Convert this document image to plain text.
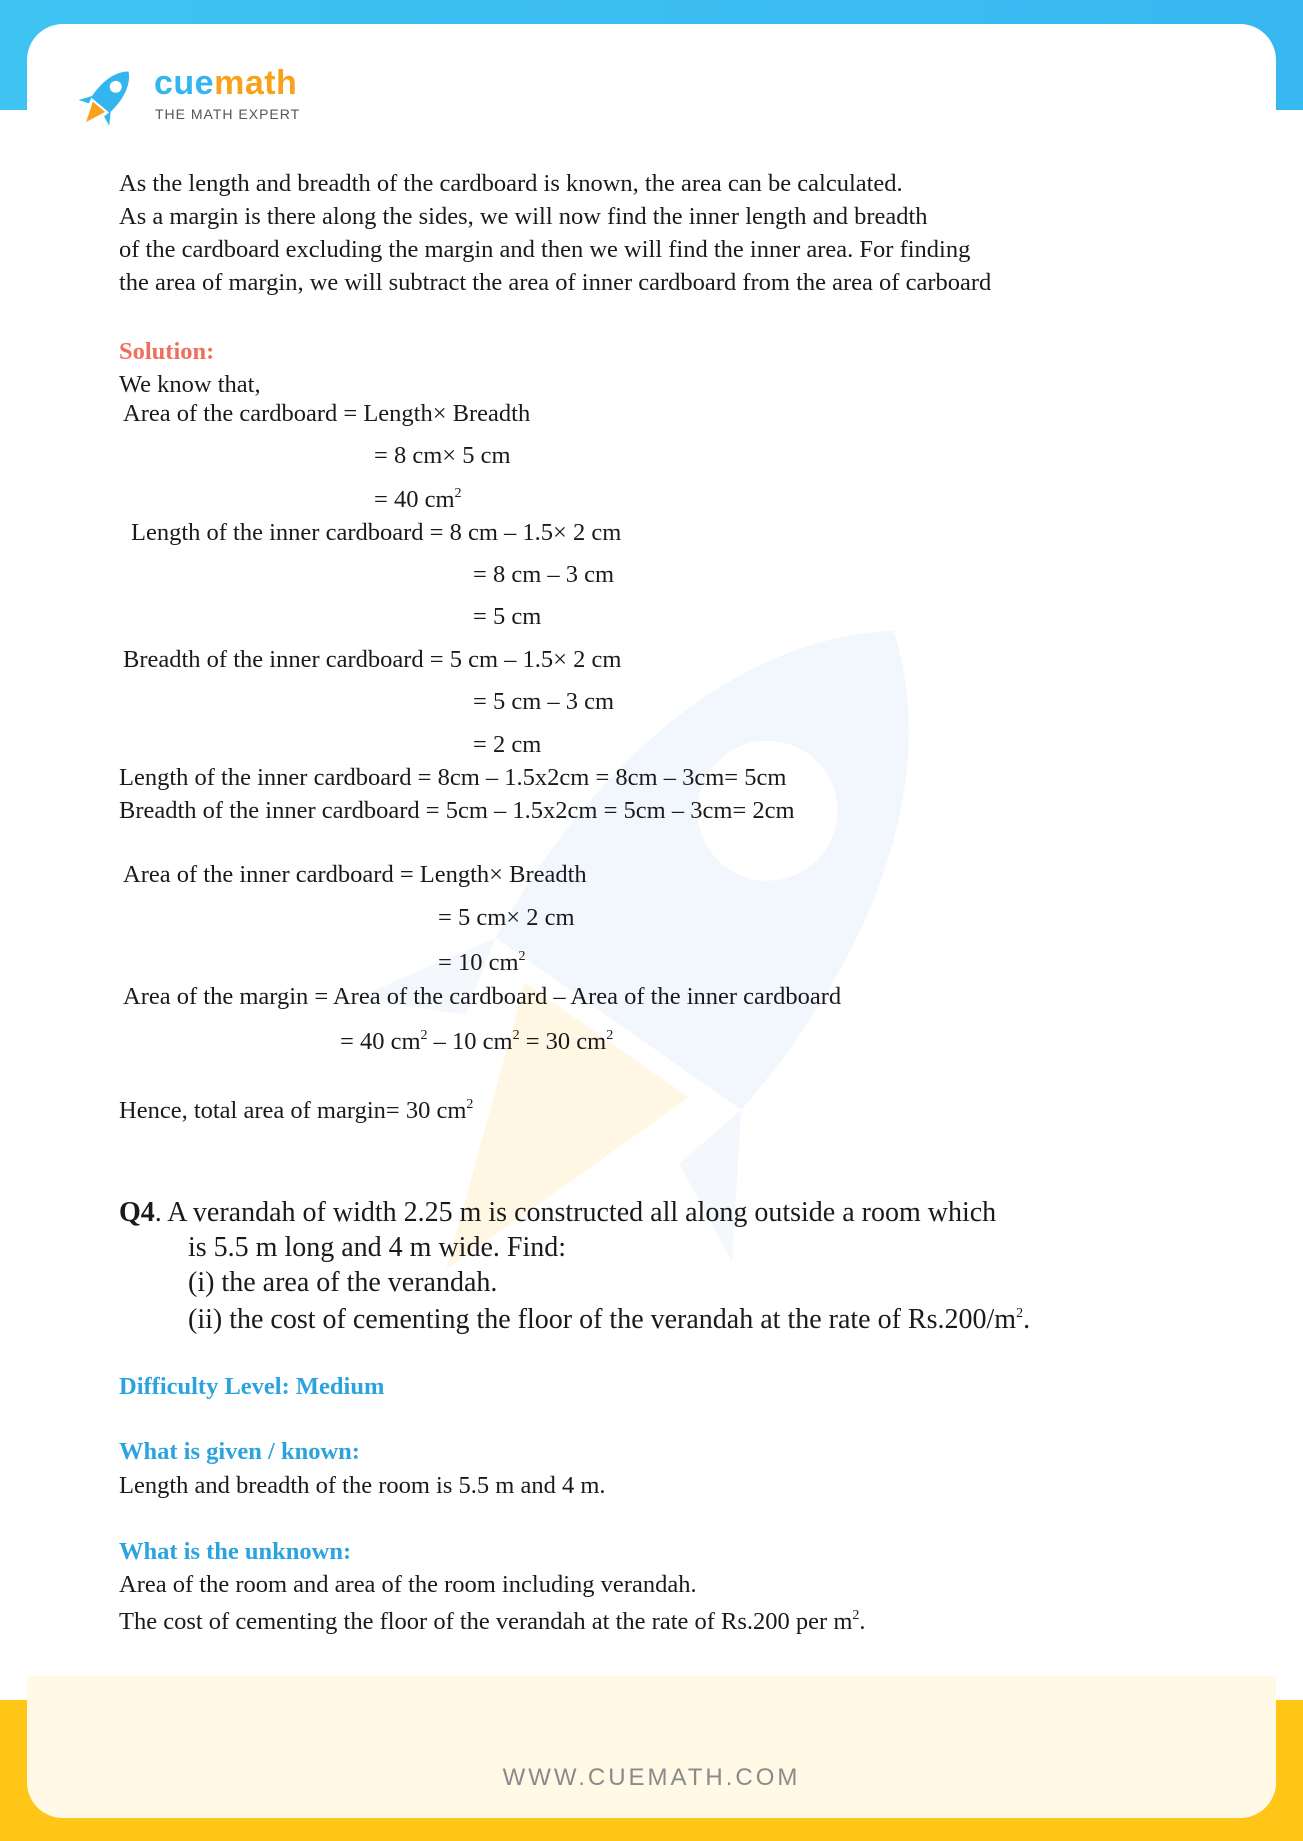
cuemath
THE MATH EXPERT
As the length and breadth of the cardboard is known, the area can be calculated.
As a margin is there along the sides, we will now find the inner length and breadth
of the cardboard excluding the margin and then we will find the inner area. For finding
the area of margin, we will subtract the area of inner cardboard from the area of carboard
Solution:
We know that,
Area of the cardboard = Length× Breadth
= 8 cm× 5 cm
= 40 $cm^2$
Length of the inner cardboard = 8 cm – 1.5× 2 cm
= 8 cm – 3 cm
= 5 cm
Breadth of the inner cardboard = 5 cm – 1.5× 2 cm
= 5 cm – 3 cm
= 2 cm
Length of the inner cardboard = 8cm – 1.5x2cm = 8cm – 3cm= 5cm
Breadth of the inner cardboard = 5cm – 1.5x2cm = 5cm – 3cm= 2cm
Area of the inner cardboard = Length× Breadth
= 5 cm× 2 cm
= 10 $cm^2$
Area of the margin = Area of the cardboard – Area of the inner cardboard
= 40 $cm^2 - 10$ $cm^2 = 30$ $cm^2$
Hence, total area of margin= 30 $cm^2$
Q4. A verandah of width 2.25 m is constructed all along outside a room which
is 5.5 m long and 4 m wide. Find:
(i) the area of the verandah.
(ii) the cost of cementing the floor of the verandah at the rate of $Rs.200/m^2$.
Difficulty Level: Medium
What is given / known:
Length and breadth of the room is 5.5 m and 4 m.
What is the unknown:
Area of the room and area of the room including verandah.
The cost of cementing the floor of the verandah at the rate of Rs.200 per $m^2$.
WWW.CUEMATH.COM
